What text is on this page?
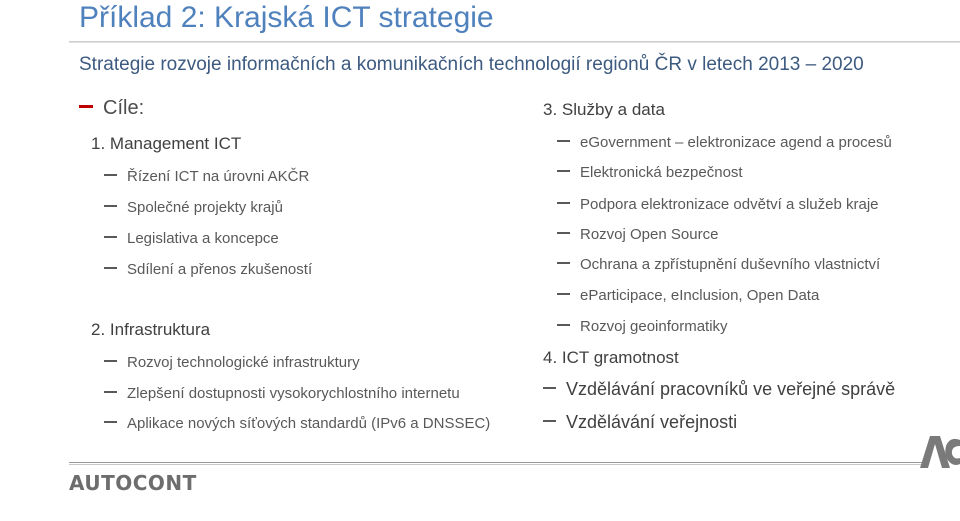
Příklad 2: Krajská ICT strategie
Strategie rozvoje informačních a komunikačních technologií regionů ČR v letech 2013 – 2020
Cíle:
1. Management ICT
Řízení ICT na úrovni AKČR
Společné projekty krajů
Legislativa a koncepce
Sdílení a přenos zkušeností
2. Infrastruktura
Rozvoj technologické infrastruktury
Zlepšení dostupnosti vysokorychlostního internetu
Aplikace nových síťových standardů (IPv6 a DNSSEC)
3. Služby a data
eGovernment – elektronizace agend a procesů
Elektronická bezpečnost
Podpora elektronizace odvětví a služeb kraje
Rozvoj Open Source
Ochrana a zpřístupnění duševního vlastnictví
eParticipace, eInclusion, Open Data
Rozvoj geoinformatiky
4. ICT gramotnost
Vzdělávání pracovníků ve veřejné správě
Vzdělávání veřejnosti
AUTOCONT
